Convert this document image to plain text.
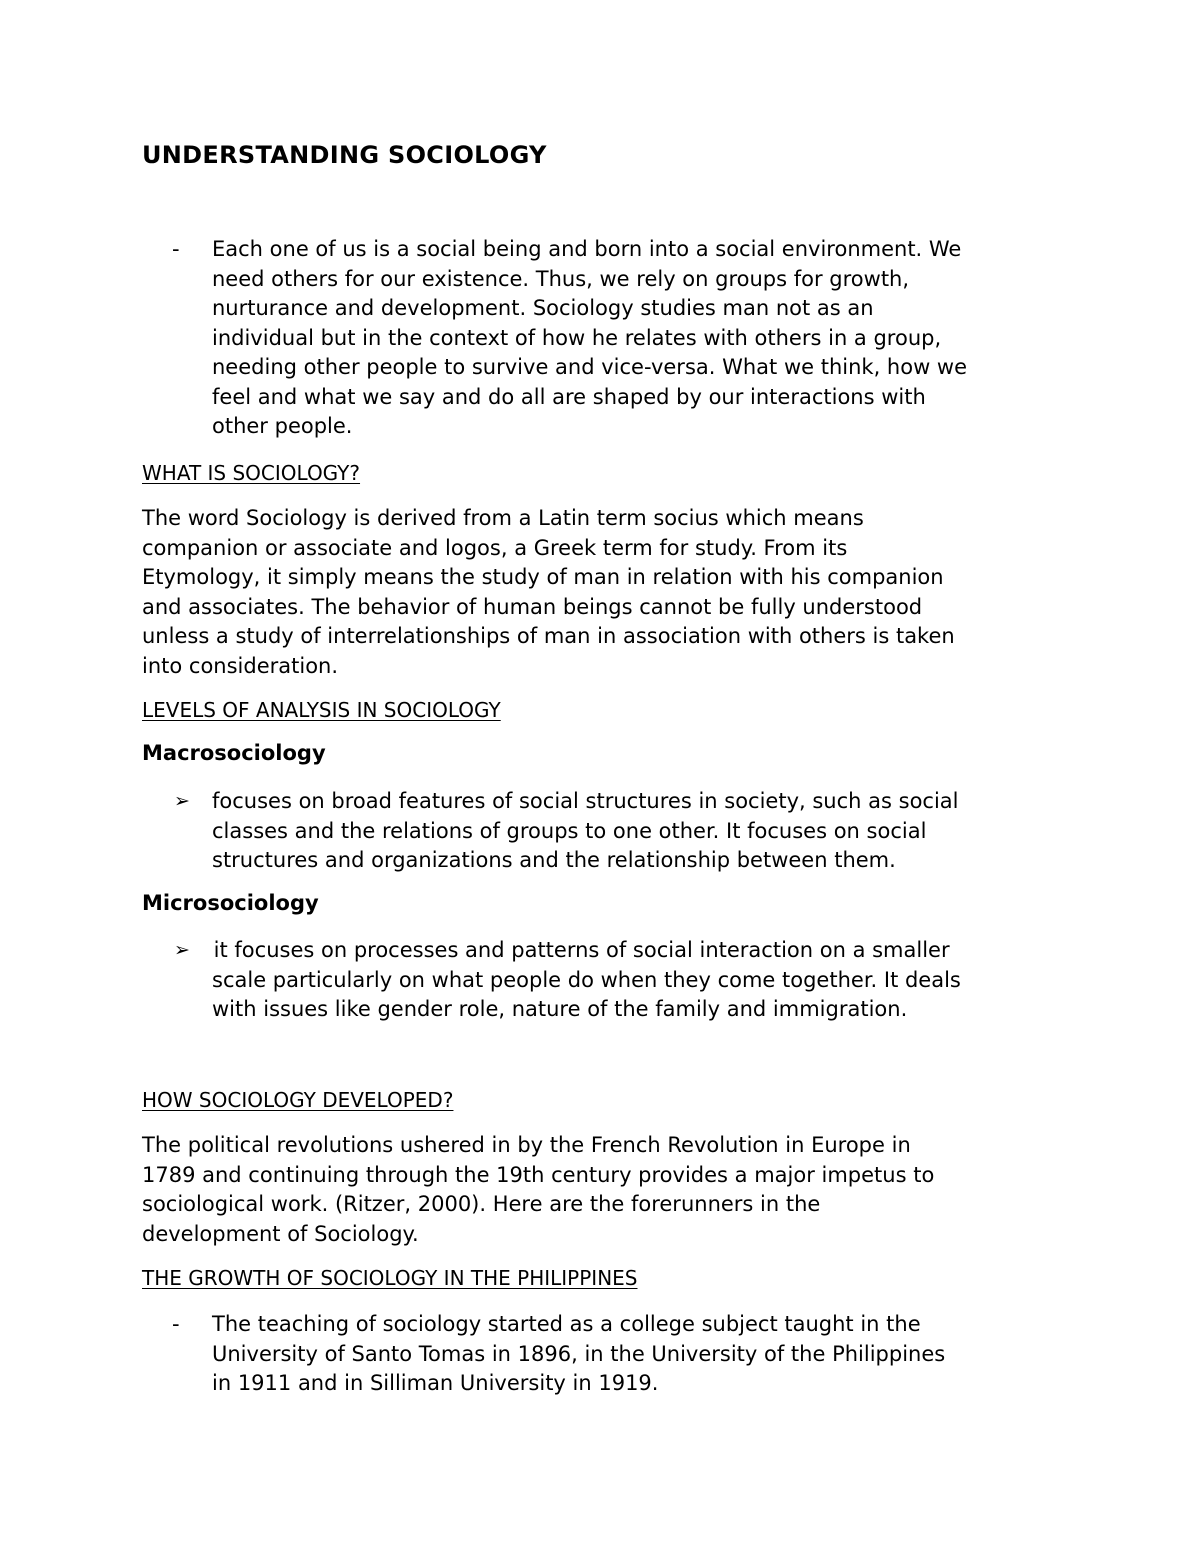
UNDERSTANDING SOCIOLOGY
- Each one of us is a social being and born into a social environment. We
need others for our existence. Thus, we rely on groups for growth,
nurturance and development. Sociology studies man not as an
individual but in the context of how he relates with others in a group,
needing other people to survive and vice-versa. What we think, how we
feel and what we say and do all are shaped by our interactions with
other people.
WHAT IS SOCIOLOGY?
The word Sociology is derived from a Latin term socius which means
companion or associate and logos, a Greek term for study. From its
Etymology, it simply means the study of man in relation with his companion
and associates. The behavior of human beings cannot be fully understood
unless a study of interrelationships of man in association with others is taken
into consideration.
LEVELS OF ANALYSIS IN SOCIOLOGY
Macrosociology
➢ focuses on broad features of social structures in society, such as social
classes and the relations of groups to one other. It focuses on social
structures and organizations and the relationship between them.
Microsociology
➢ it focuses on processes and patterns of social interaction on a smaller
scale particularly on what people do when they come together. It deals
with issues like gender role, nature of the family and immigration.
HOW SOCIOLOGY DEVELOPED?
The political revolutions ushered in by the French Revolution in Europe in
1789 and continuing through the 19th century provides a major impetus to
sociological work. (Ritzer, 2000). Here are the forerunners in the
development of Sociology.
THE GROWTH OF SOCIOLOGY IN THE PHILIPPINES
- The teaching of sociology started as a college subject taught in the
University of Santo Tomas in 1896, in the University of the Philippines
in 1911 and in Silliman University in 1919.
